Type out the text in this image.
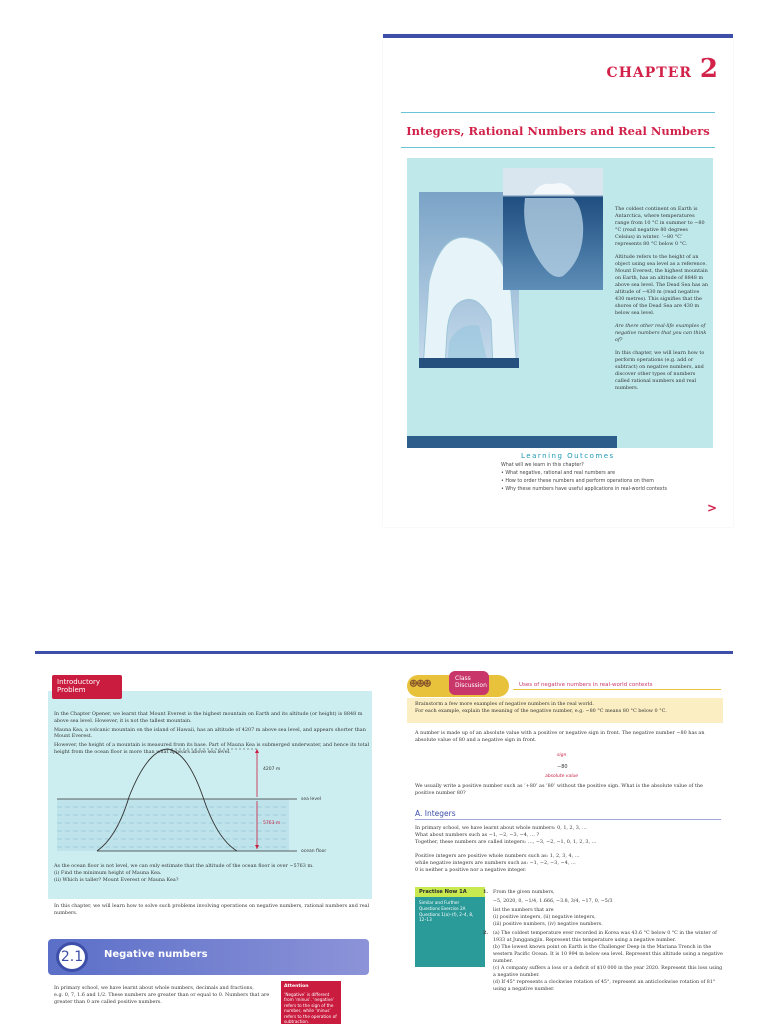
CHAPTER 2
Integers, Rational Numbers and Real Numbers

The coldest continent on Earth is Antarctica, where temperatures range from 10 °C in summer to −80 °C (read negative 80 degrees Celsius) in winter. ‘−80 °C’ represents 80 °C below 0 °C.

Altitude refers to the height of an object using sea level as a reference. Mount Everest, the highest mountain on Earth, has an altitude of 8848 m above sea level. The Dead Sea has an altitude of −430 m (read negative 430 metres). This signifies that the shores of the Dead Sea are 430 m below sea level.

Are there other real-life examples of negative numbers that you can think of?

In this chapter, we will learn how to perform operations (e.g. add or subtract) on negative numbers, and discover other types of numbers called rational numbers and real numbers.

Learning Outcomes
What will we learn in this chapter?
• What negative, rational and real numbers are
• How to order these numbers and perform operations on them
• Why these numbers have useful applications in real-world contexts
>
Introductory Problem

In the Chapter Opener, we learnt that Mount Everest is the highest mountain on Earth and its altitude (or height) is 8848 m above sea level. However, it is not the tallest mountain.

Mauna Kea, a volcanic mountain on the island of Hawaii, has an altitude of 4207 m above sea level, and appears shorter than Mount Everest.

However, the height of a mountain is measured from its base. Part of Mauna Kea is submerged underwater, and hence its total height from the ocean floor is more than what appears above sea level.

4207 m
sea level
5763 m
ocean floor
As the ocean floor is not level, we can only estimate that the altitude of the ocean floor is over −5763 m.
(i) Find the minimum height of Mauna Kea.
(ii) Which is taller? Mount Everest or Mauna Kea?
In this chapter, we will learn how to solve such problems involving operations on negative numbers, rational numbers and real numbers.
2.1	Negative numbers
In primary school, we have learnt about whole numbers, decimals and fractions,
e.g. 0, 7, 1.6 and 1/2. These numbers are greater than or equal to 0. Numbers that are
greater than 0 are called positive numbers.
Attention
‘Negative’ is different from ‘minus’. ‘negative’ refers to the sign of the number, while ‘minus’ refers to the operation of subtraction.
☻☻☻
Class Discussion	Uses of negative numbers in real-world contexts
Brainstorm a few more examples of negative numbers in the real world.
For each example, explain the meaning of the negative number, e.g. −80 °C means 80 °C below 0 °C.
A number is made up of an absolute value with a positive or negative sign in front. The negative number −80 has an absolute value of 80 and a negative sign in front.
sign
−80
absolute value
We usually write a positive number such as ‘+80’ as ‘80’ without the positive sign. What is the absolute value of the positive number 80?
A. Integers
In primary school, we have learnt about whole numbers: 0, 1, 2, 3, …
What about numbers such as −1, −2, −3, −4, … ?
Together, these numbers are called integers: …, −3, −2, −1, 0, 1, 2, 3, …
Positive integers are positive whole numbers such as: 1, 2, 3, 4, …
while negative integers are numbers such as: −1, −2, −3, −4, …
0 is neither a positive nor a negative integer.
Practise Now 1A
Similar and Further Questions Exercise 2A Questions 1(a)–(f), 2–4, 8, 12–13
1. From the given numbers,
−5, 2020, 0, −1/4, 1.666, −3.8, 3/4, −17, 0, −5/3
list the numbers that are
(i) positive integers, (ii) negative integers,
(iii) positive numbers, (iv) negative numbers.
2.	(a) The coldest temperature ever recorded in Korea was 43.6 °C below 0 °C in the winter of 1933 at Junggangjin. Represent this temperature using a negative number.
(b) The lowest known point on Earth is the Challenger Deep in the Mariana Trench in the western Pacific Ocean. It is 10 994 m below sea level. Represent this altitude using a negative number.
(c) A company suffers a loss or a deficit of $10 000 in the year 2020. Represent this loss using a negative number.
(d) If 45° represents a clockwise rotation of 45°, represent an anticlockwise rotation of 81° using a negative number.
